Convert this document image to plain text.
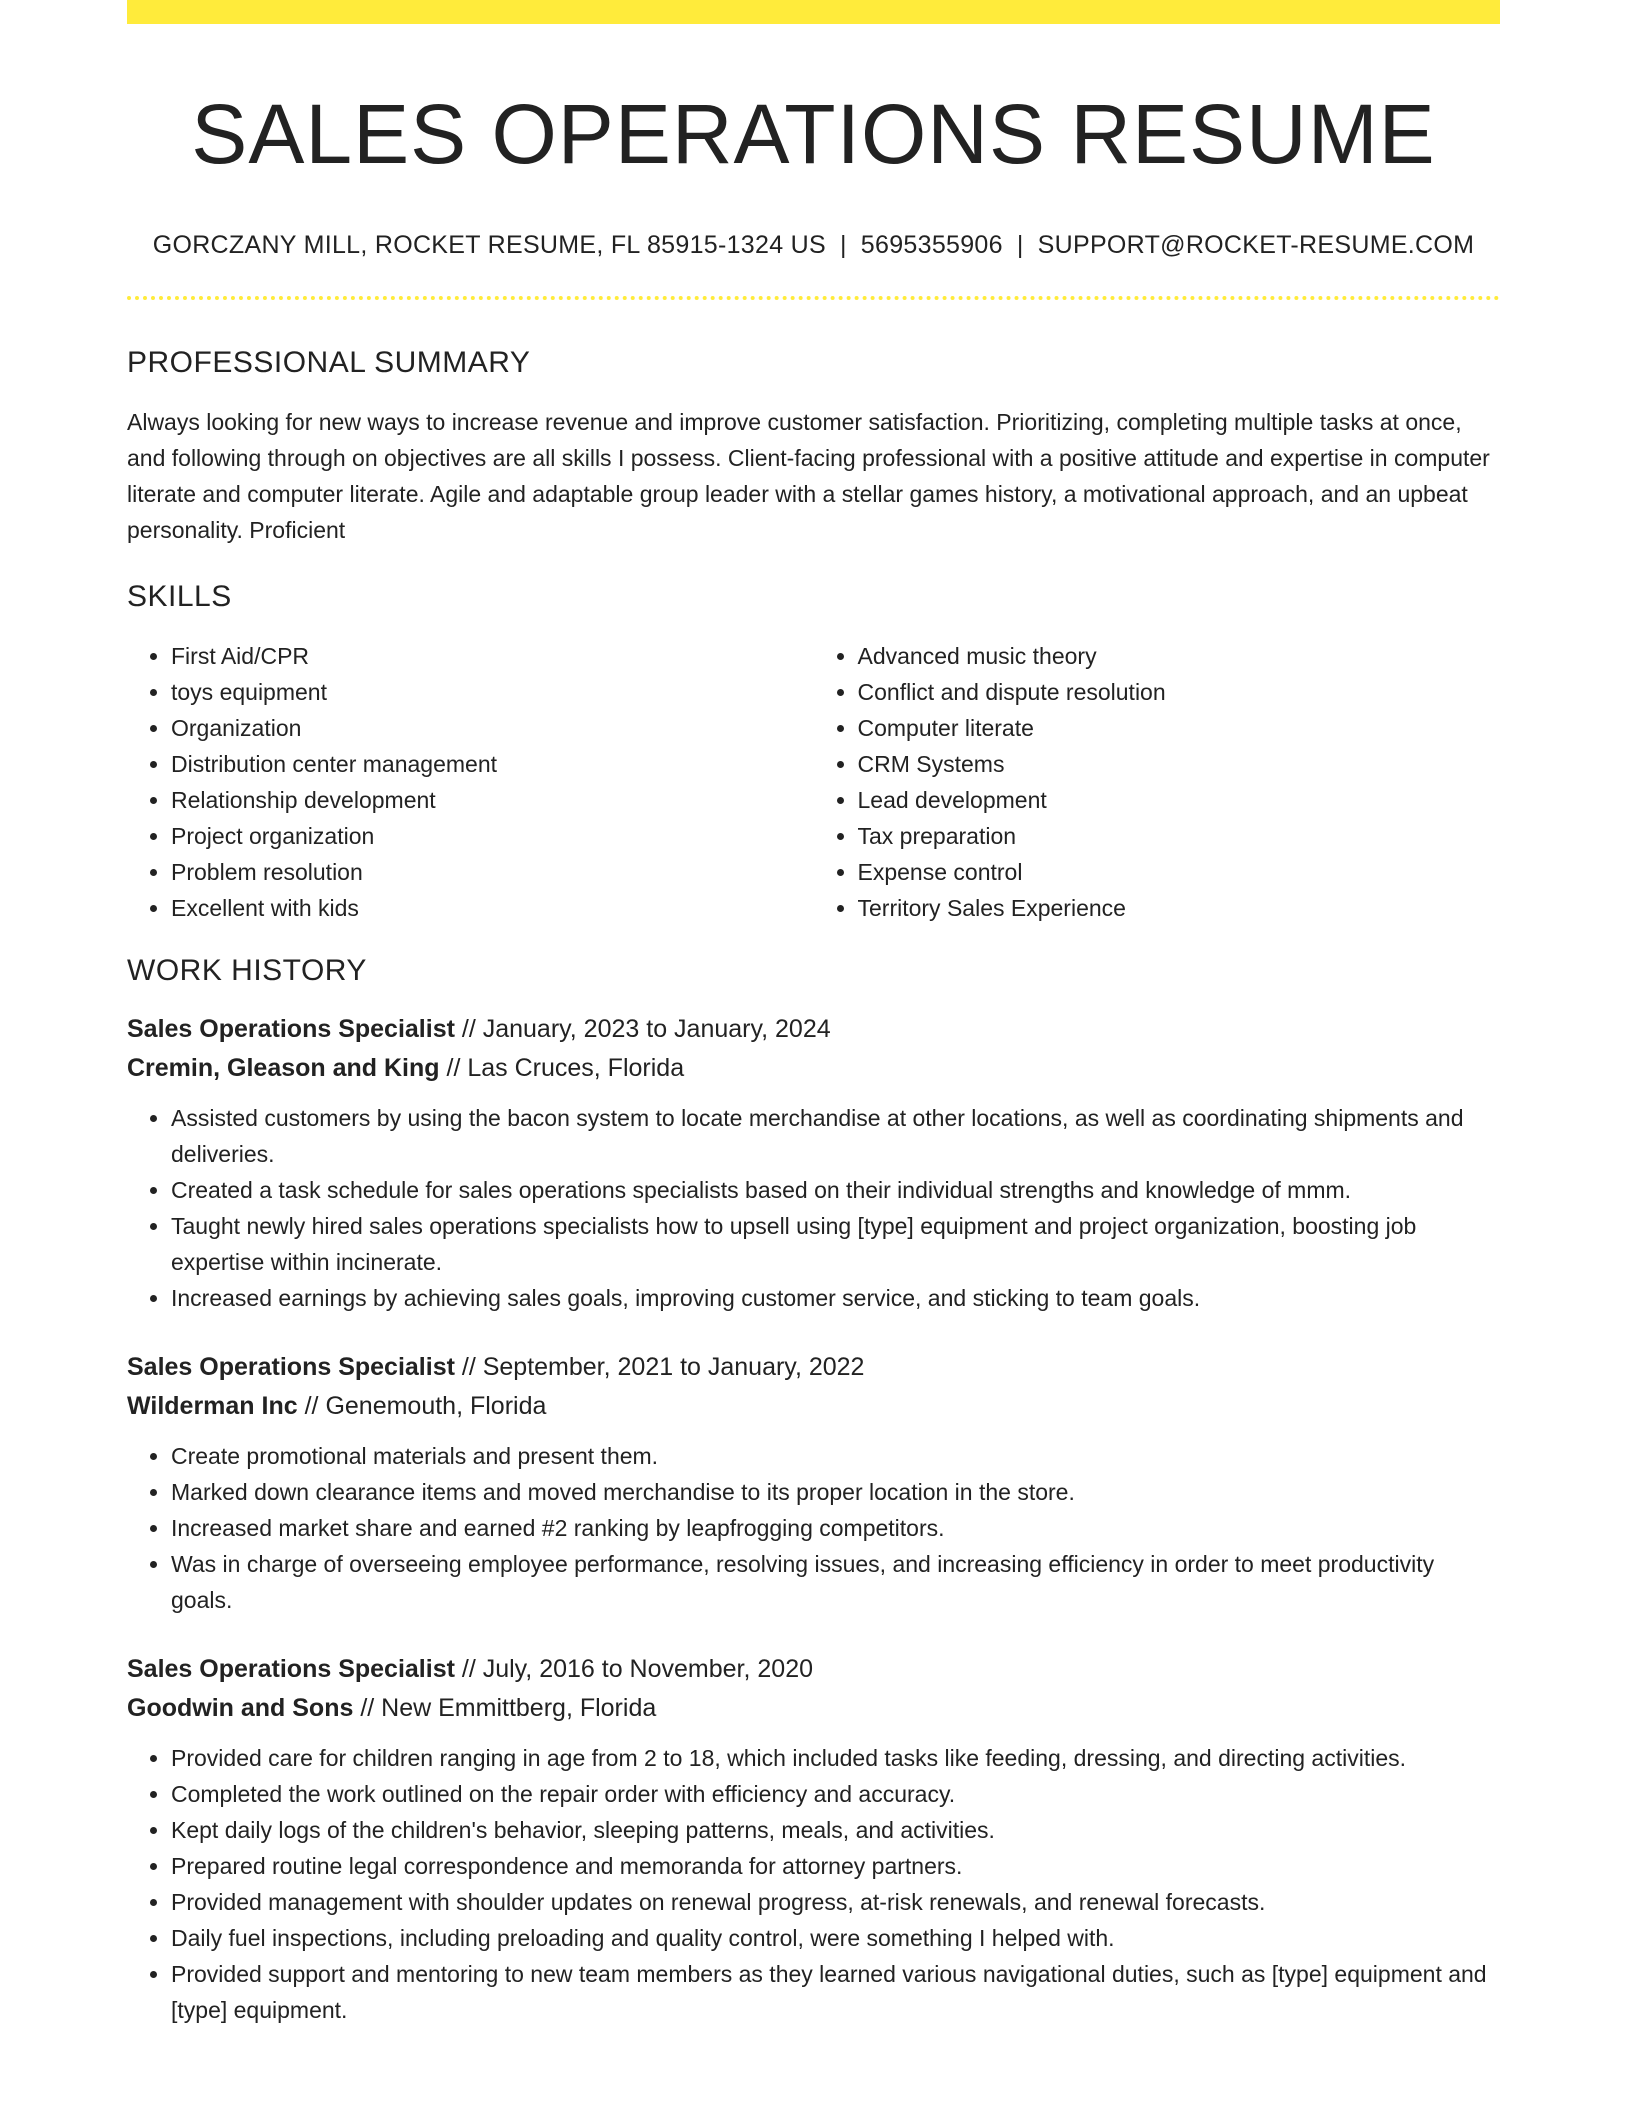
SALES OPERATIONS RESUME
GORCZANY MILL, ROCKET RESUME, FL 85915-1324 US | 5695355906 | SUPPORT@ROCKET-RESUME.COM
PROFESSIONAL SUMMARY
Always looking for new ways to increase revenue and improve customer satisfaction. Prioritizing, completing multiple tasks at once, and following through on objectives are all skills I possess. Client-facing professional with a positive attitude and expertise in computer literate and computer literate. Agile and adaptable group leader with a stellar games history, a motivational approach, and an upbeat personality. Proficient
SKILLS
• First Aid/CPR
• toys equipment
• Organization
• Distribution center management
• Relationship development
• Project organization
• Problem resolution
• Excellent with kids
• Advanced music theory
• Conflict and dispute resolution
• Computer literate
• CRM Systems
• Lead development
• Tax preparation
• Expense control
• Territory Sales Experience
WORK HISTORY
Sales Operations Specialist // January, 2023 to January, 2024
Cremin, Gleason and King // Las Cruces, Florida
• Assisted customers by using the bacon system to locate merchandise at other locations, as well as coordinating shipments and deliveries.
• Created a task schedule for sales operations specialists based on their individual strengths and knowledge of mmm.
• Taught newly hired sales operations specialists how to upsell using [type] equipment and project organization, boosting job expertise within incinerate.
• Increased earnings by achieving sales goals, improving customer service, and sticking to team goals.
Sales Operations Specialist // September, 2021 to January, 2022
Wilderman Inc // Genemouth, Florida
• Create promotional materials and present them.
• Marked down clearance items and moved merchandise to its proper location in the store.
• Increased market share and earned #2 ranking by leapfrogging competitors.
• Was in charge of overseeing employee performance, resolving issues, and increasing efficiency in order to meet productivity goals.
Sales Operations Specialist // July, 2016 to November, 2020
Goodwin and Sons // New Emmittberg, Florida
• Provided care for children ranging in age from 2 to 18, which included tasks like feeding, dressing, and directing activities.
• Completed the work outlined on the repair order with efficiency and accuracy.
• Kept daily logs of the children's behavior, sleeping patterns, meals, and activities.
• Prepared routine legal correspondence and memoranda for attorney partners.
• Provided management with shoulder updates on renewal progress, at-risk renewals, and renewal forecasts.
• Daily fuel inspections, including preloading and quality control, were something I helped with.
• Provided support and mentoring to new team members as they learned various navigational duties, such as [type] equipment and [type] equipment.
